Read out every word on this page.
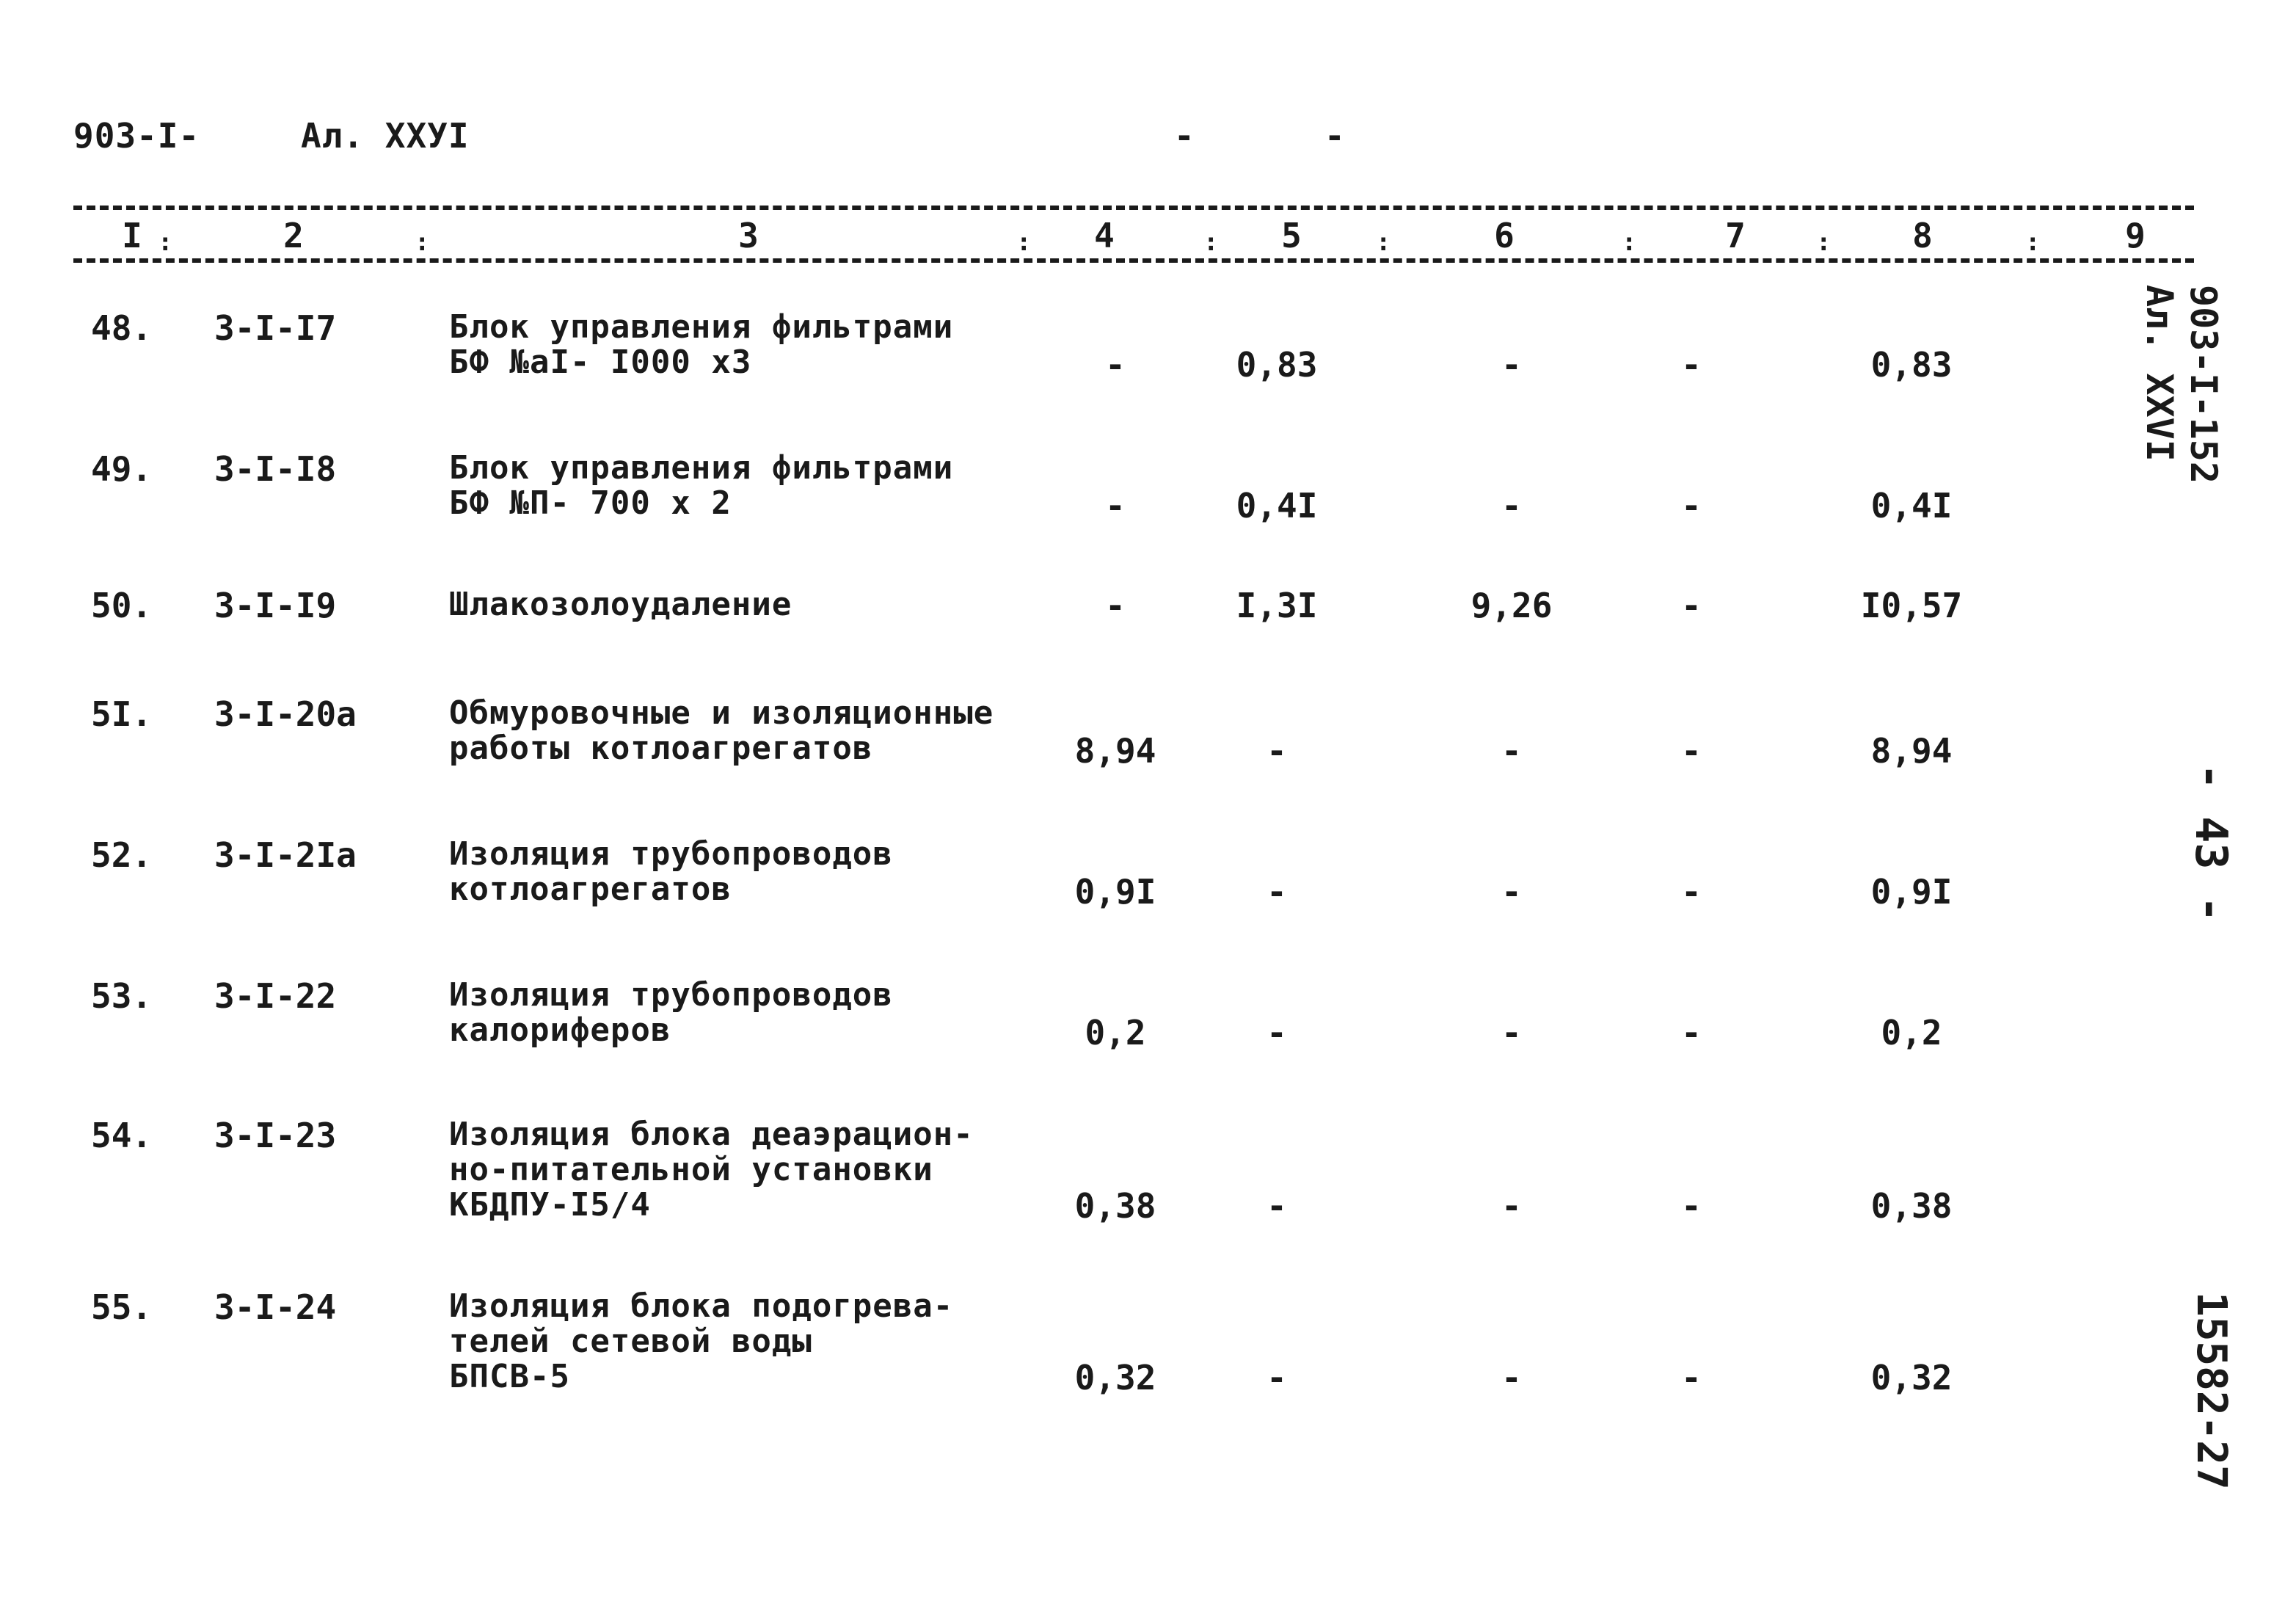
903-I-	Ал. XXУI	-	-
I :	2	:	3	:	4	:	5	:	6	:	7	:	8	:	9
48. 3-I-I7	Блок управления фильтрами
БФ №aI- I000 x3	-	0,83	-	-	0,83
49. 3-I-I8	Блок управления фильтрами
БФ №П- 700 x 2	-	0,4I	-	-	0,4I
50. 3-I-I9	Шлакозолоудаление	-	I,3I	9,26	-	I0,57
5I. 3-I-20a	Обмуровочные и изоляционные
работы котлоагрегатов	8,94	-	-	-	8,94
52. 3-I-2Ia	Изоляция трубопроводов
котлоагрегатов	0,9I	-	-	-	0,9I
53. 3-I-22	Изоляция трубопроводов
калориферов	0,2	-	-	-	0,2
54. 3-I-23	Изоляция блока деаэрацион-
но-питательной установки
КБДПУ-I5/4	0,38	-	-	-	0,38
55. 3-I-24	Изоляция блока подогрева-
телей сетевой воды
БПСВ-5	0,32	-	-	-	0,32
903-I-152
Ал. XXVI
- 43 -
15582-27
